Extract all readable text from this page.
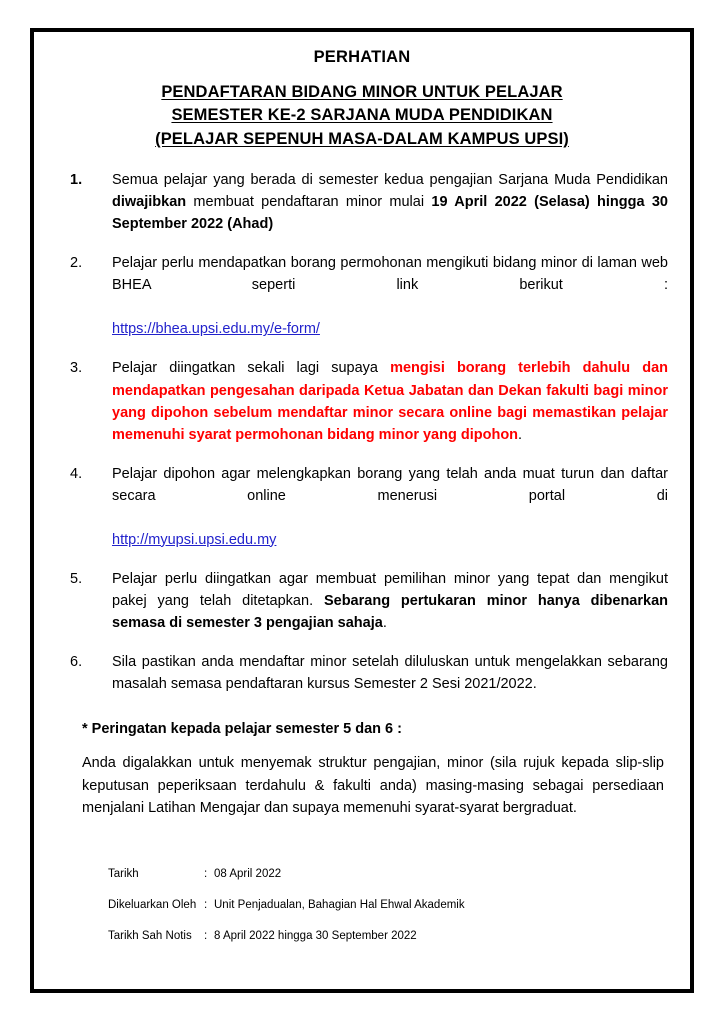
PERHATIAN
PENDAFTARAN BIDANG MINOR UNTUK PELAJAR
SEMESTER KE-2 SARJANA MUDA PENDIDIKAN
(PELAJAR SEPENUH MASA-DALAM KAMPUS UPSI)
1.	Semua pelajar yang berada di semester kedua pengajian Sarjana Muda Pendidikan diwajibkan membuat pendaftaran minor mulai 19 April 2022 (Selasa) hingga 30 September 2022 (Ahad)

2.	Pelajar perlu mendapatkan borang permohonan mengikuti bidang minor di laman web BHEA seperti link berikut :
https://bhea.upsi.edu.my/e-form/

3.	Pelajar diingatkan sekali lagi supaya mengisi borang terlebih dahulu dan mendapatkan pengesahan daripada Ketua Jabatan dan Dekan fakulti bagi minor yang dipohon sebelum mendaftar minor secara online bagi memastikan pelajar memenuhi syarat permohonan bidang minor yang dipohon.

4.	Pelajar dipohon agar melengkapkan borang yang telah anda muat turun dan daftar secara online menerusi portal di
http://myupsi.upsi.edu.my

5.	Pelajar perlu diingatkan agar membuat pemilihan minor yang tepat dan mengikut pakej yang telah ditetapkan. Sebarang pertukaran minor hanya dibenarkan semasa di semester 3 pengajian sahaja.

6.	Sila pastikan anda mendaftar minor setelah diluluskan untuk mengelakkan sebarang masalah semasa pendaftaran kursus Semester 2 Sesi 2021/2022.

* Peringatan kepada pelajar semester 5 dan 6 :

Anda digalakkan untuk menyemak struktur pengajian, minor (sila rujuk kepada slip-slip keputusan peperiksaan terdahulu & fakulti anda) masing-masing sebagai persediaan menjalani Latihan Mengajar dan supaya memenuhi syarat-syarat bergraduat.

Tarikh	: 08 April 2022
Dikeluarkan Oleh : Unit Penjadualan, Bahagian Hal Ehwal Akademik
Tarikh Sah Notis	: 8 April 2022 hingga 30 September 2022
